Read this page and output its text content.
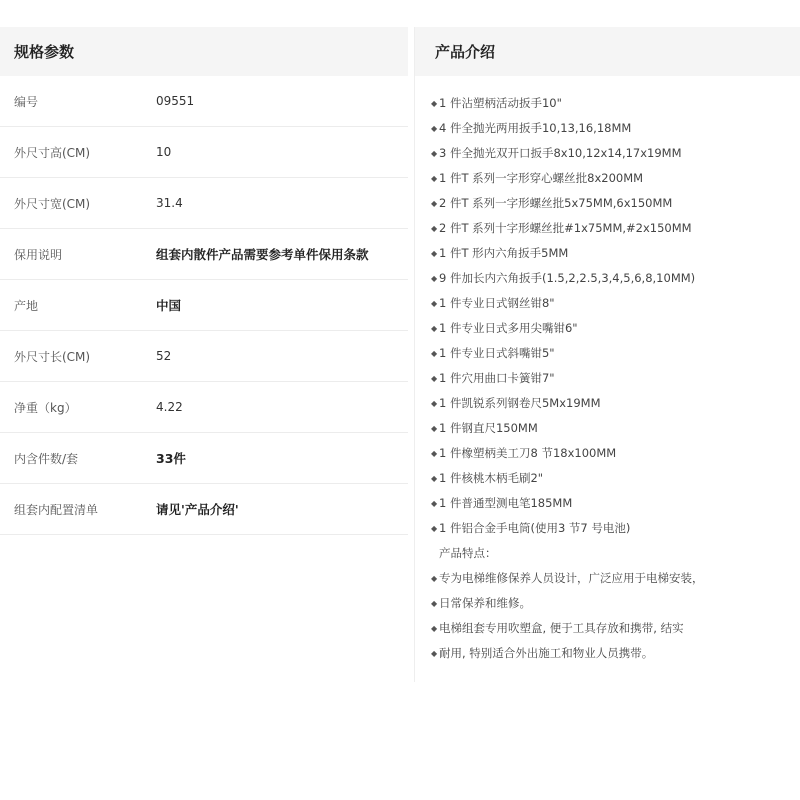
规格参数
编号	09551
外尺寸高(CM)	10
外尺寸宽(CM)	31.4
保用说明	组套内散件产品需要参考单件保用条款
产地	中国
外尺寸长(CM)	52
净重（kg）	4.22
内含件数/套	33件
组套内配置清单	请见'产品介绍'
产品介绍
◆ 1 件沾塑柄活动扳手10"
◆ 4 件全抛光两用扳手10,13,16,18MM
◆ 3 件全抛光双开口扳手8x10,12x14,17x19MM
◆ 1 件T 系列一字形穿心螺丝批8x200MM
◆ 2 件T 系列一字形螺丝批5x75MM,6x150MM
◆ 2 件T 系列十字形螺丝批#1x75MM,#2x150MM
◆ 1 件T 形内六角扳手5MM
◆ 9 件加长内六角扳手(1.5,2,2.5,3,4,5,6,8,10MM)
◆ 1 件专业日式钢丝钳8"
◆ 1 件专业日式多用尖嘴钳6"
◆ 1 件专业日式斜嘴钳5"
◆ 1 件穴用曲口卡簧钳7"
◆ 1 件凯锐系列钢卷尺5Mx19MM
◆ 1 件钢直尺150MM
◆ 1 件橡塑柄美工刀8 节18x100MM
◆ 1 件核桃木柄毛刷2"
◆ 1 件普通型测电笔185MM
◆ 1 件铝合金手电筒(使用3 节7 号电池)
产品特点：
◆ 专为电梯维修保养人员设计，广泛应用于电梯安装，
◆ 日常保养和维修。
◆ 电梯组套专用吹塑盒, 便于工具存放和携带, 结实
◆ 耐用, 特别适合外出施工和物业人员携带。
